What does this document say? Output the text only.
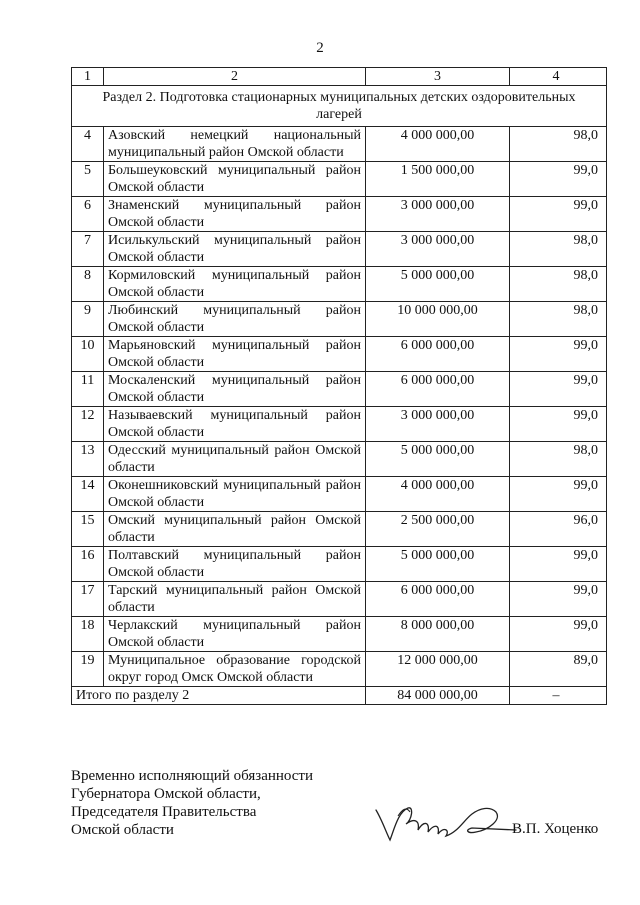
2
1	2	3	4
Раздел 2. Подготовка стационарных муниципальных детских оздоровительных лагерей			
4	Азовский немецкий национальный муниципальный район Омской области	4 000 000,00	98,0
5	Большеуковский муниципальный район Омской области	1 500 000,00	99,0
6	Знаменский муниципальный район Омской области	3 000 000,00	99,0
7	Исилькульский муниципальный район Омской области	3 000 000,00	98,0
8	Кормиловский муниципальный район Омской области	5 000 000,00	98,0
9	Любинский муниципальный район Омской области	10 000 000,00	98,0
10	Марьяновский муниципальный район Омской области	6 000 000,00	99,0
11	Москаленский муниципальный район Омской области	6 000 000,00	99,0
12	Называевский муниципальный район Омской области	3 000 000,00	99,0
13	Одесский муниципальный район Омской области	5 000 000,00	98,0
14	Оконешниковский муниципальный район Омской области	4 000 000,00	99,0
15	Омский муниципальный район Омской области	2 500 000,00	96,0
16	Полтавский муниципальный район Омской области	5 000 000,00	99,0
17	Тарский муниципальный район Омской области	6 000 000,00	99,0
18	Черлакский муниципальный район Омской области	8 000 000,00	99,0
19	Муниципальное образование городской округ город Омск Омской области	12 000 000,00	89,0
Итого по разделу 2		84 000 000,00	–
Временно исполняющий обязанности
Губернатора Омской области,
Председателя Правительства
Омской области	В.П. Хоценко
